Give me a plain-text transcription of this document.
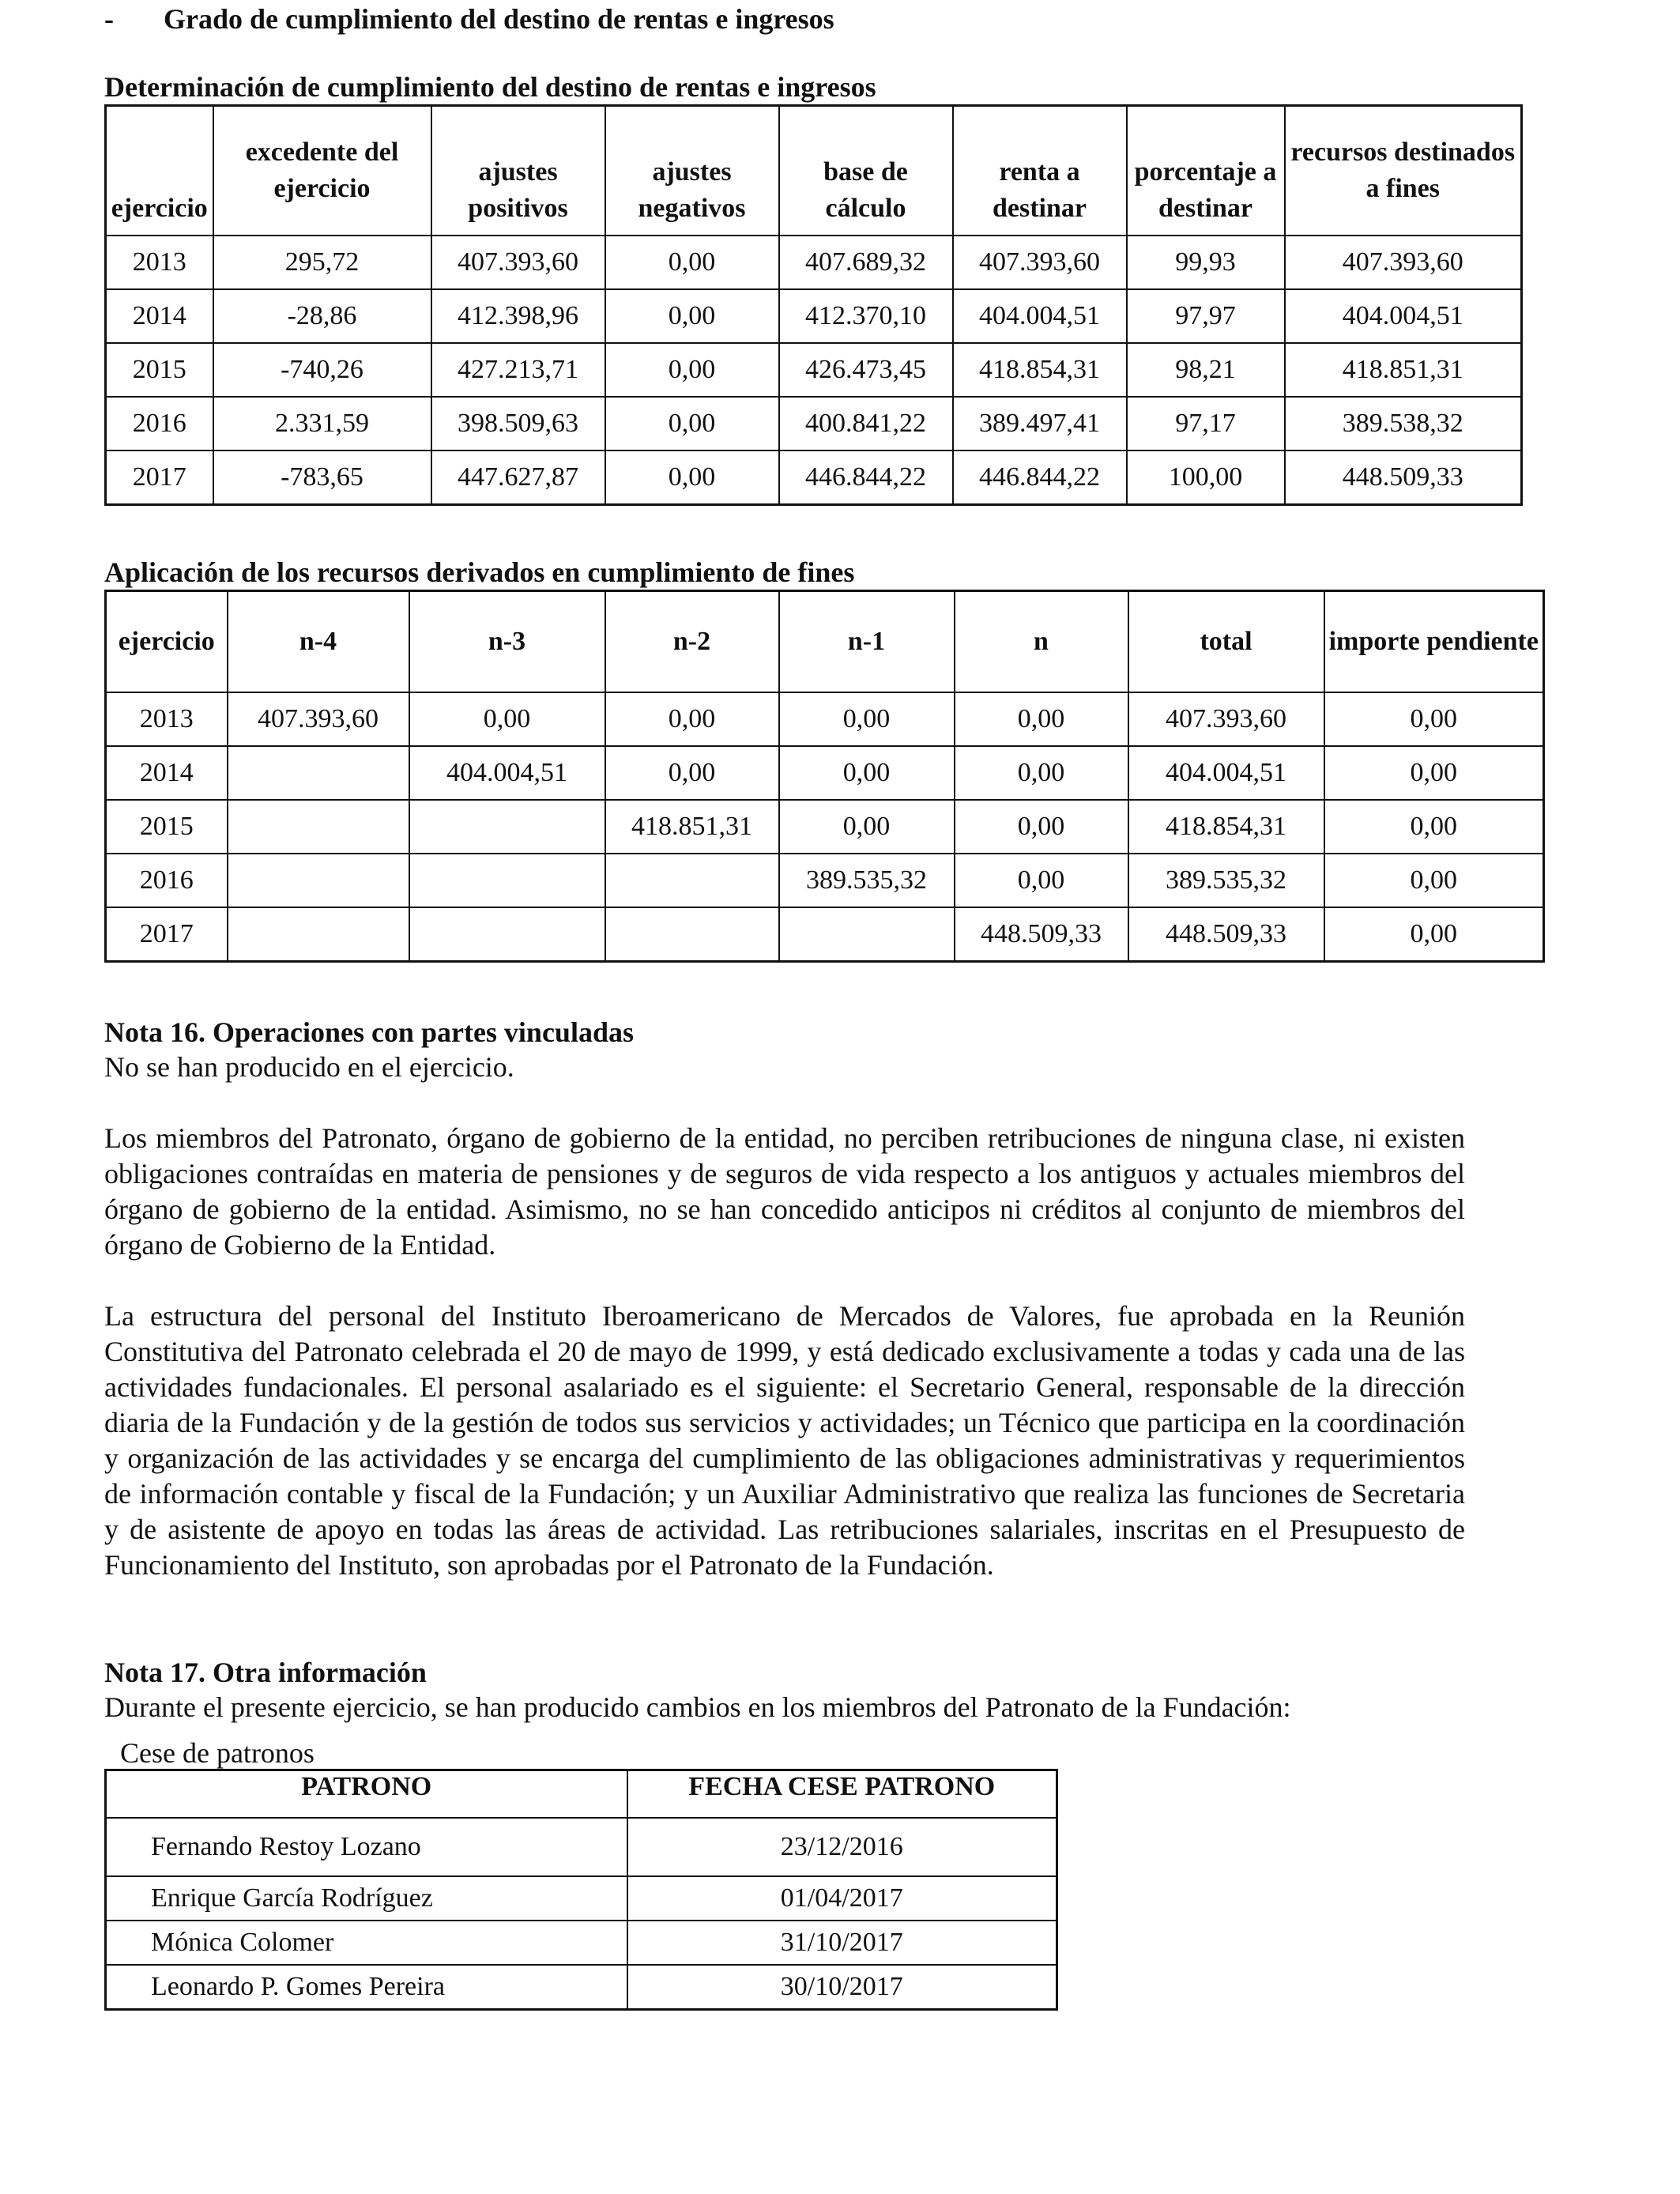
- Grado de cumplimiento del destino de rentas e ingresos
Determinación de cumplimiento del destino de rentas e ingresos
ejercicio	excedente del ejercicio	ajustes positivos	ajustes negativos	base de cálculo	renta a destinar	porcentaje a destinar	recursos destinados a fines
2013	295,72	407.393,60	0,00	407.689,32	407.393,60	99,93	407.393,60
2014	-28,86	412.398,96	0,00	412.370,10	404.004,51	97,97	404.004,51
2015	-740,26	427.213,71	0,00	426.473,45	418.854,31	98,21	418.851,31
2016	2.331,59	398.509,63	0,00	400.841,22	389.497,41	97,17	389.538,32
2017	-783,65	447.627,87	0,00	446.844,22	446.844,22	100,00	448.509,33
Aplicación de los recursos derivados en cumplimiento de fines
ejercicio	n-4	n-3	n-2	n-1	n	total	importe pendiente
2013	407.393,60	0,00	0,00	0,00	0,00	407.393,60	0,00
2014		404.004,51	0,00	0,00	0,00	404.004,51	0,00
2015			418.851,31	0,00	0,00	418.854,31	0,00
2016				389.535,32	0,00	389.535,32	0,00
2017					448.509,33	448.509,33	0,00
Nota 16. Operaciones con partes vinculadas
No se han producido en el ejercicio.

Los miembros del Patronato, órgano de gobierno de la entidad, no perciben retribuciones de ninguna clase, ni existen obligaciones contraídas en materia de pensiones y de seguros de vida respecto a los antiguos y actuales miembros del órgano de gobierno de la entidad. Asimismo, no se han concedido anticipos ni créditos al conjunto de miembros del órgano de Gobierno de la Entidad.

La estructura del personal del Instituto Iberoamericano de Mercados de Valores, fue aprobada en la Reunión Constitutiva del Patronato celebrada el 20 de mayo de 1999, y está dedicado exclusivamente a todas y cada una de las actividades fundacionales. El personal asalariado es el siguiente: el Secretario General, responsable de la dirección diaria de la Fundación y de la gestión de todos sus servicios y actividades; un Técnico que participa en la coordinación y organización de las actividades y se encarga del cumplimiento de las obligaciones administrativas y requerimientos de información contable y fiscal de la Fundación; y un Auxiliar Administrativo que realiza las funciones de Secretaria y de asistente de apoyo en todas las áreas de actividad. Las retribuciones salariales, inscritas en el Presupuesto de Funcionamiento del Instituto, son aprobadas por el Patronato de la Fundación.

Nota 17. Otra información
Durante el presente ejercicio, se han producido cambios en los miembros del Patronato de la Fundación:
Cese de patronos
PATRONO	FECHA CESE PATRONO
Fernando Restoy Lozano	23/12/2016
Enrique García Rodríguez	01/04/2017
Mónica Colomer	31/10/2017
Leonardo P. Gomes Pereira	30/10/2017
